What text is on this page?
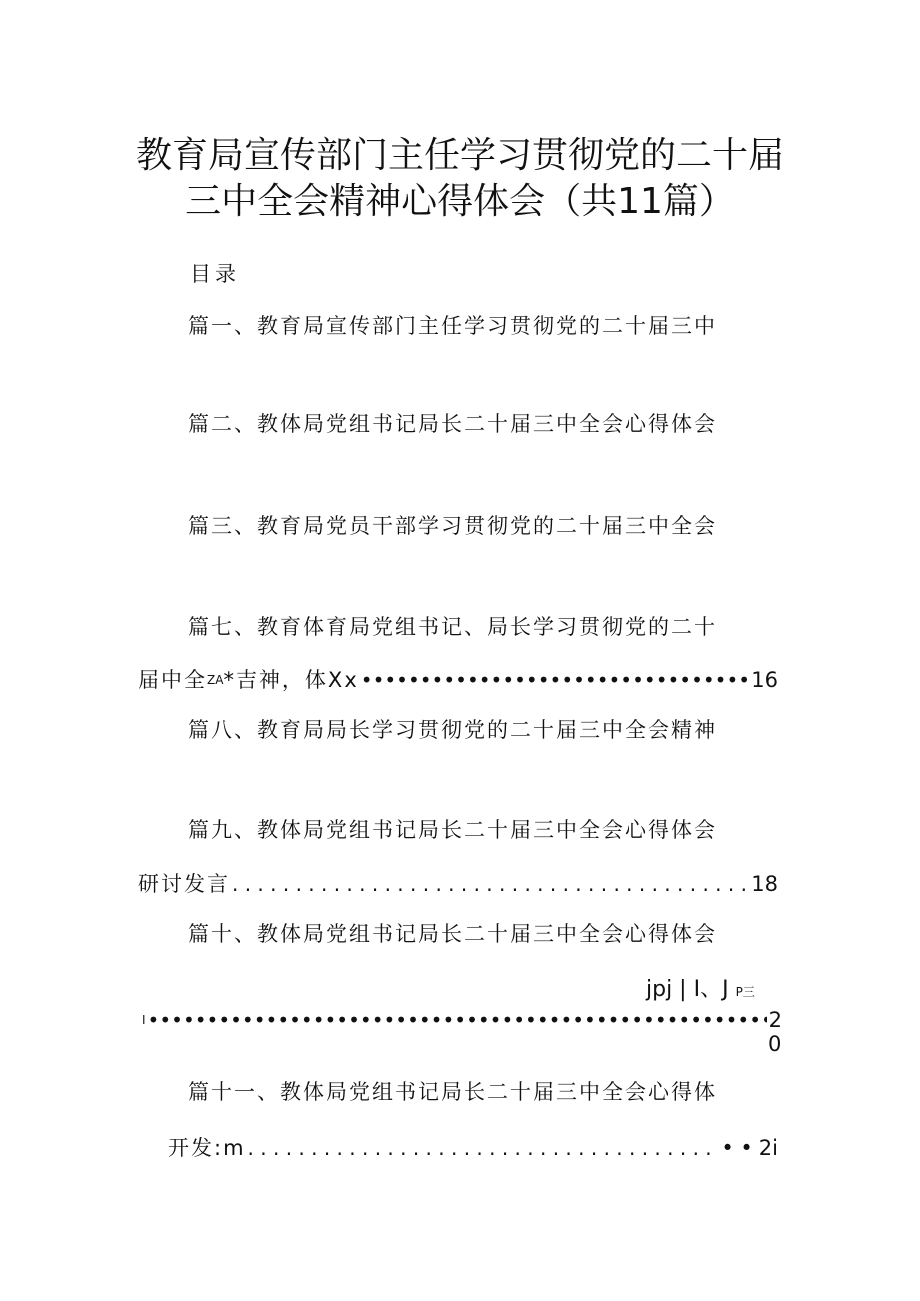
教育局宣传部门主任学习贯彻党的二十届
三中全会精神心得体会（共11篇）
目录
篇一、教育局宣传部门主任学习贯彻党的二十届三中
篇二、教体局党组书记局长二十届三中全会心得体会
篇三、教育局党员干部学习贯彻党的二十届三中全会
篇七、教育体育局党组书记、局长学习贯彻党的二十
届中全 ZA *吉神，体Xx •••••	16
篇八、教育局局长学习贯彻党的二十届三中全会精神
篇九、教体局党组书记局长二十届三中全会心得体会
研讨发言 . . .	18
篇十、教体局党组书记局长二十届三中全会心得体会
jpj | I、J P三
I •••••	2
0
篇十一、教体局党组书记局长二十届三中全会心得体
开发:m . . .	• • 2i
